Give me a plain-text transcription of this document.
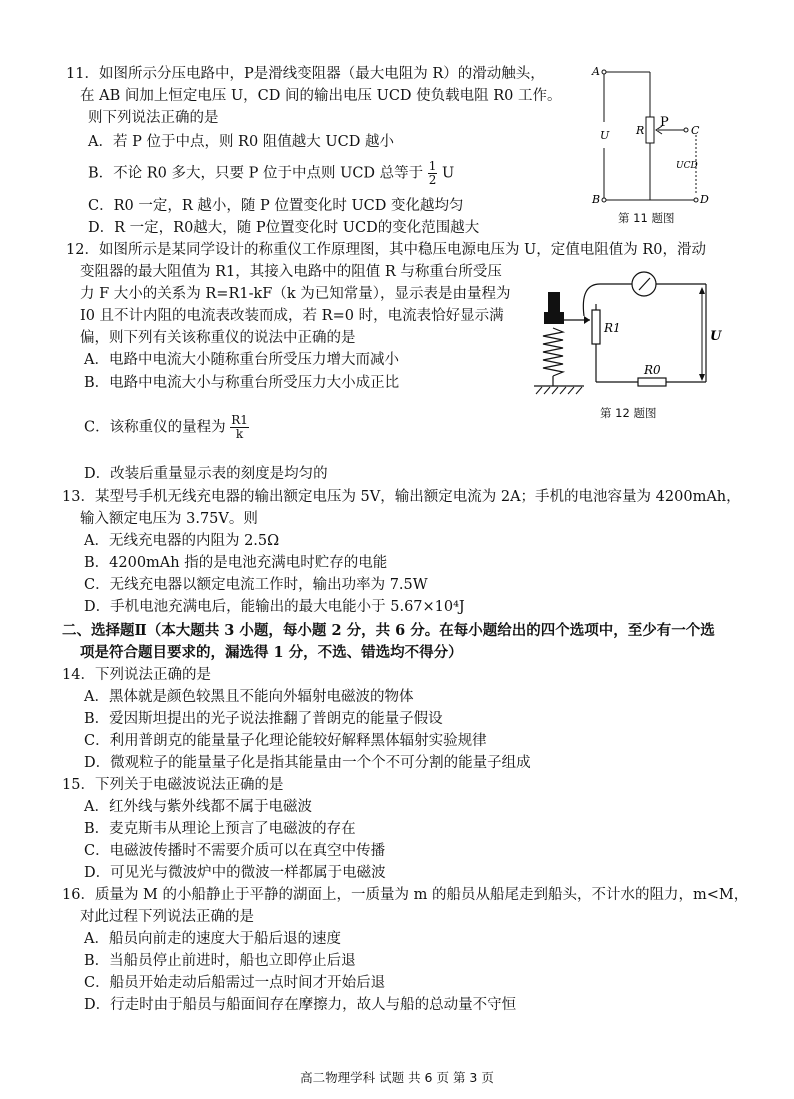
11．如图所示分压电路中，P是滑线变阻器（最大电阻为 R）的滑动触头，
在 AB 间加上恒定电压 U，CD 间的输出电压 UCD 使负载电阻 R0 工作。
则下列说法正确的是
A．若 P 位于中点，则 R0 阻值越大 UCD 越小
B．不论 R0 多大，只要 P 位于中点则 UCD 总等于 $\frac{1}{2}$ U
C．R0 一定，R 越小，随 P 位置变化时 UCD 变化越均匀
D．R 一定，R0越大，随 P位置变化时 UCD的变化范围越大
A
B
C
D
P
R
U
UCD
第 11 题图
12．如图所示是某同学设计的称重仪工作原理图，其中稳压电源电压为 U，定值电阻值为 R0，滑动
变阻器的最大阻值为 R1，其接入电路中的阻值 R 与称重台所受压
力 F 大小的关系为 R=R1-kF（k 为已知常量），显示表是由量程为
I0 且不计内阻的电流表改装而成，若 R=0 时，电流表恰好显示满
偏，则下列有关该称重仪的说法中正确的是
A．电路中电流大小随称重台所受压力增大而减小
B．电路中电流大小与称重台所受压力大小成正比
C．该称重仪的量程为 $\frac{R1}{k}$
D．改装后重量显示表的刻度是均匀的
R1
R0
U
第 12 题图
13．某型号手机无线充电器的输出额定电压为 5V，输出额定电流为 2A；手机的电池容量为 4200mAh，
输入额定电压为 3.75V。则
A．无线充电器的内阻为 2.5Ω
B．4200mAh 指的是电池充满电时贮存的电能
C．无线充电器以额定电流工作时，输出功率为 7.5W
D．手机电池充满电后，能输出的最大电能小于 5.67×10⁴J
二、选择题Ⅱ（本大题共 3 小题，每小题 2 分，共 6 分。在每小题给出的四个选项中，至少有一个选
项是符合题目要求的，漏选得 1 分，不选、错选均不得分）
14．下列说法正确的是
A．黑体就是颜色较黑且不能向外辐射电磁波的物体
B．爱因斯坦提出的光子说法推翻了普朗克的能量子假设
C．利用普朗克的能量量子化理论能较好解释黑体辐射实验规律
D．微观粒子的能量量子化是指其能量由一个个不可分割的能量子组成
15．下列关于电磁波说法正确的是
A．红外线与紫外线都不属于电磁波
B．麦克斯韦从理论上预言了电磁波的存在
C．电磁波传播时不需要介质可以在真空中传播
D．可见光与微波炉中的微波一样都属于电磁波
16．质量为 M 的小船静止于平静的湖面上，一质量为 m 的船员从船尾走到船头，不计水的阻力，m<M，
对此过程下列说法正确的是
A．船员向前走的速度大于船后退的速度
B．当船员停止前进时，船也立即停止后退
C．船员开始走动后船需过一点时间才开始后退
D．行走时由于船员与船面间存在摩擦力，故人与船的总动量不守恒
高二物理学科 试题 共 6 页 第 3 页
